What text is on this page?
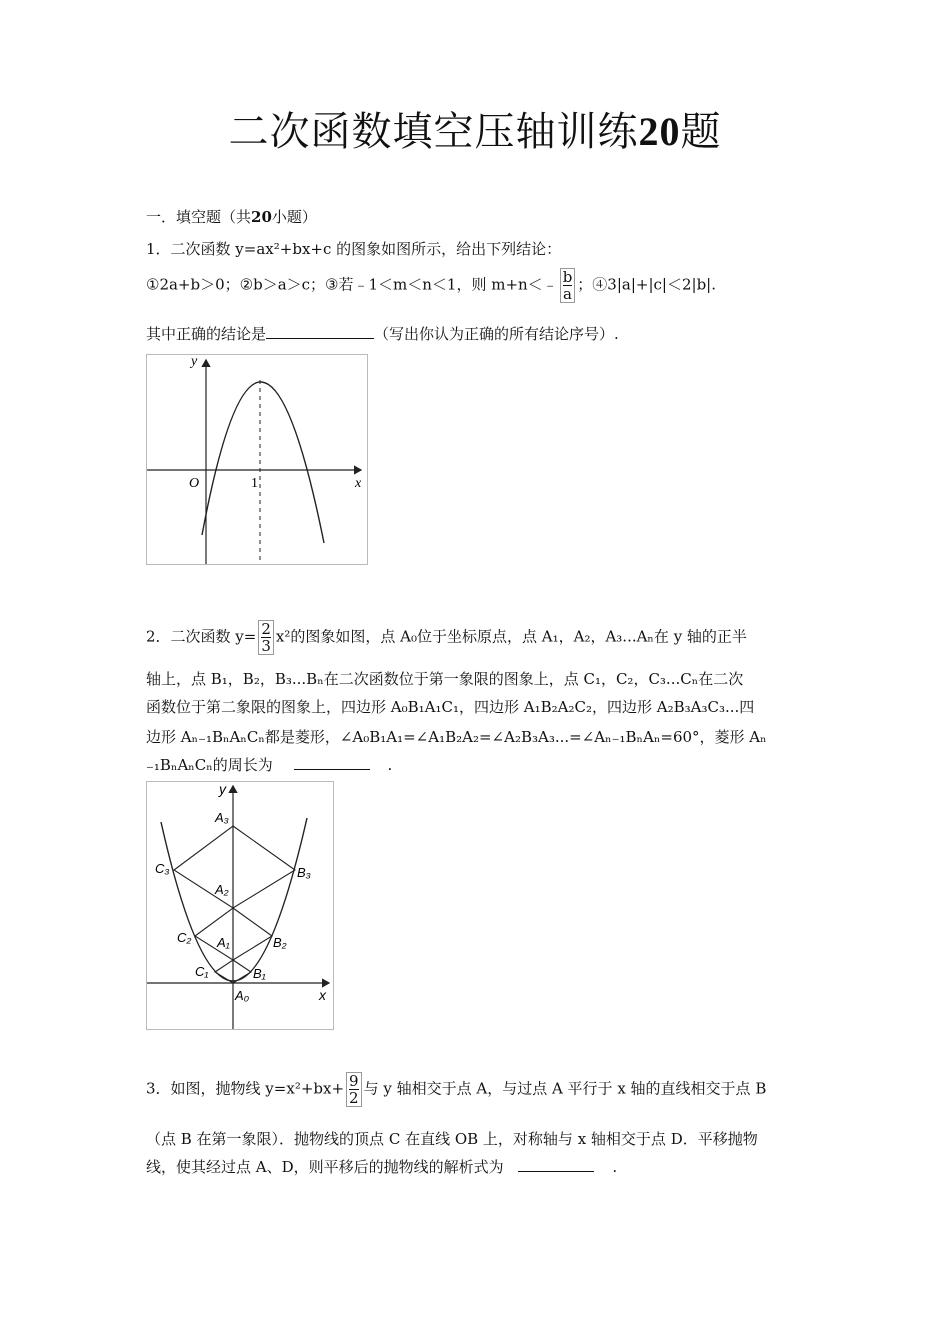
二次函数填空压轴训练20题
一．填空题（共20小题）
1．二次函数 y=ax²+bx+c 的图象如图所示，给出下列结论：
①2a+b＞0；②b＞a＞c；③若﹣1＜m＜n＜1，则 m+n＜﹣ $\frac{b}{a}$ ；④3|a|+|c|＜2|b|.
其中正确的结论是	（写出你认为正确的所有结论序号）.
y
x
O	1
2．二次函数 $y= \frac{2}{3} x^2$的图象如图，点 A₀位于坐标原点，点 A₁，A₂，A₃...Aₙ在 y 轴的正半
轴上，点 B₁，B₂，B₃...Bₙ在二次函数位于第一象限的图象上，点 C₁，C₂，C₃...Cₙ在二次
函数位于第二象限的图象上，四边形 A₀B₁A₁C₁，四边形 A₁B₂A₂C₂，四边形 A₂B₃A₃C₃...四
边形 Aₙ₋₁BₙAₙCₙ都是菱形，∠A₀B₁A₁=∠A₁B₂A₂=∠A₂B₃A₃...=∠Aₙ₋₁BₙAₙ=60°，菱形 Aₙ
₋₁BₙAₙCₙ的周长为	.
y
x
A₃
C₃	B₃
A₂
C₂ A₁	B₂
C₁	B₁
A₀
3．如图，抛物线 $y=x^2+bx+ \frac{9}{2}$ 与 y 轴相交于点 A，与过点 A 平行于 x 轴的直线相交于点 B
（点 B 在第一象限）．抛物线的顶点 C 在直线 OB 上，对称轴与 x 轴相交于点 D．平移抛物
线，使其经过点 A、D，则平移后的抛物线的解析式为	.
